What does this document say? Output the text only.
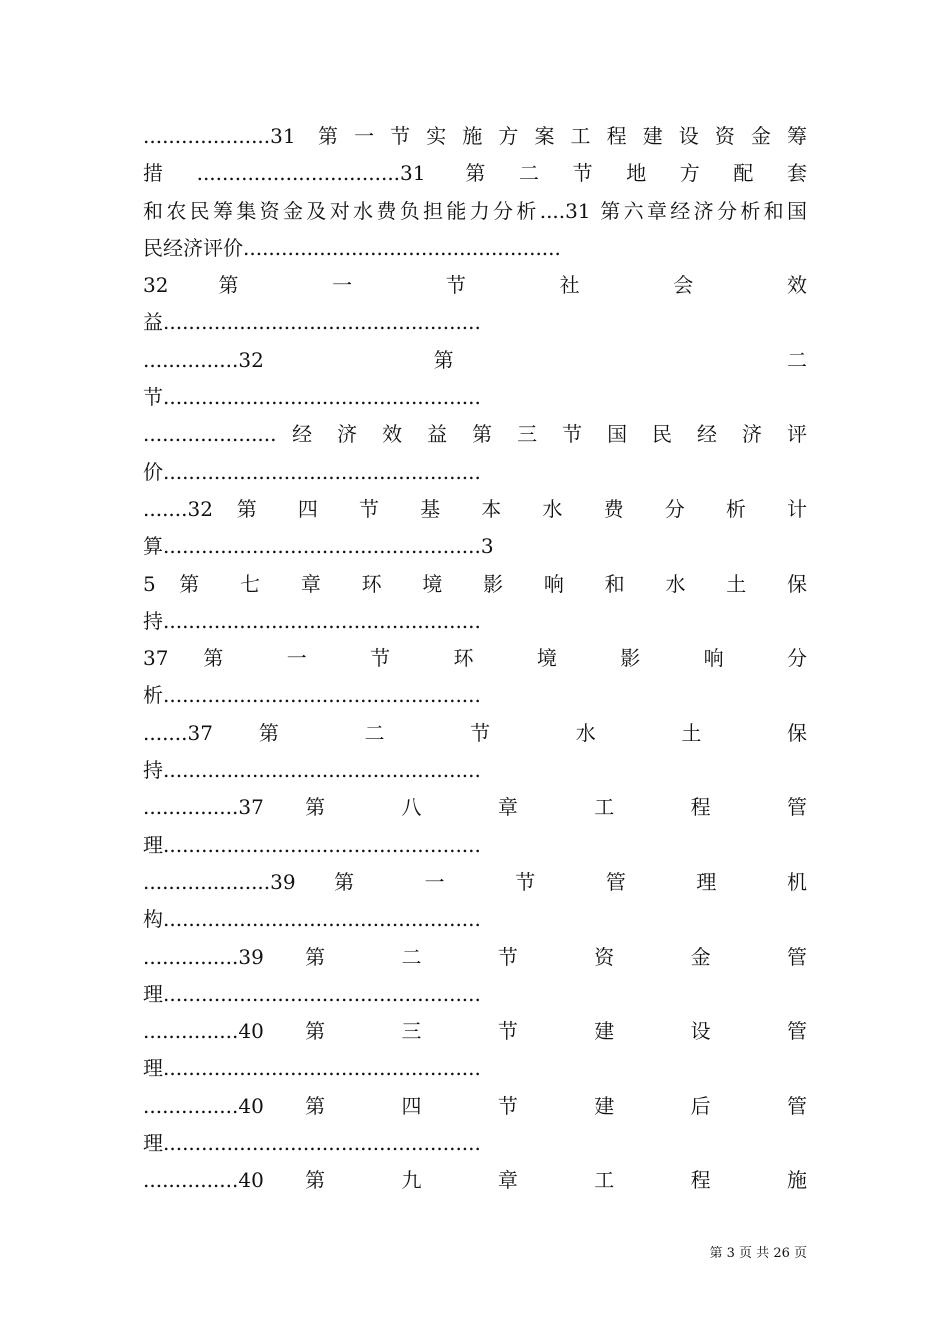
....................31 第一节实施方案工程建设资金筹
措................................31 第二节地方配套
和农民筹集资金及对水费负担能力分析....31 第六章经济分析和国
民经济评价..................................................
32 第 一 节 社 会 效
益..................................................
...............32 第 二
节..................................................
..................... 经 济 效 益 第 三 节 国 民 经 济 评
价..................................................
.......32 第 四 节 基 本 水 费 分 析 计
算..................................................3
5 第 七 章 环 境 影 响 和 水 土 保
持..................................................
37 第 一 节 环 境 影 响 分
析..................................................
.......37 第 二 节 水 土 保
持..................................................
...............37 第 八 章 工 程 管
理..................................................
....................39 第 一 节 管 理 机
构..................................................
...............39 第 二 节 资 金 管
理..................................................
...............40 第 三 节 建 设 管
理..................................................
...............40 第 四 节 建 后 管
理..................................................
...............40 第 九 章 工 程 施
第 3 页 共 26 页
